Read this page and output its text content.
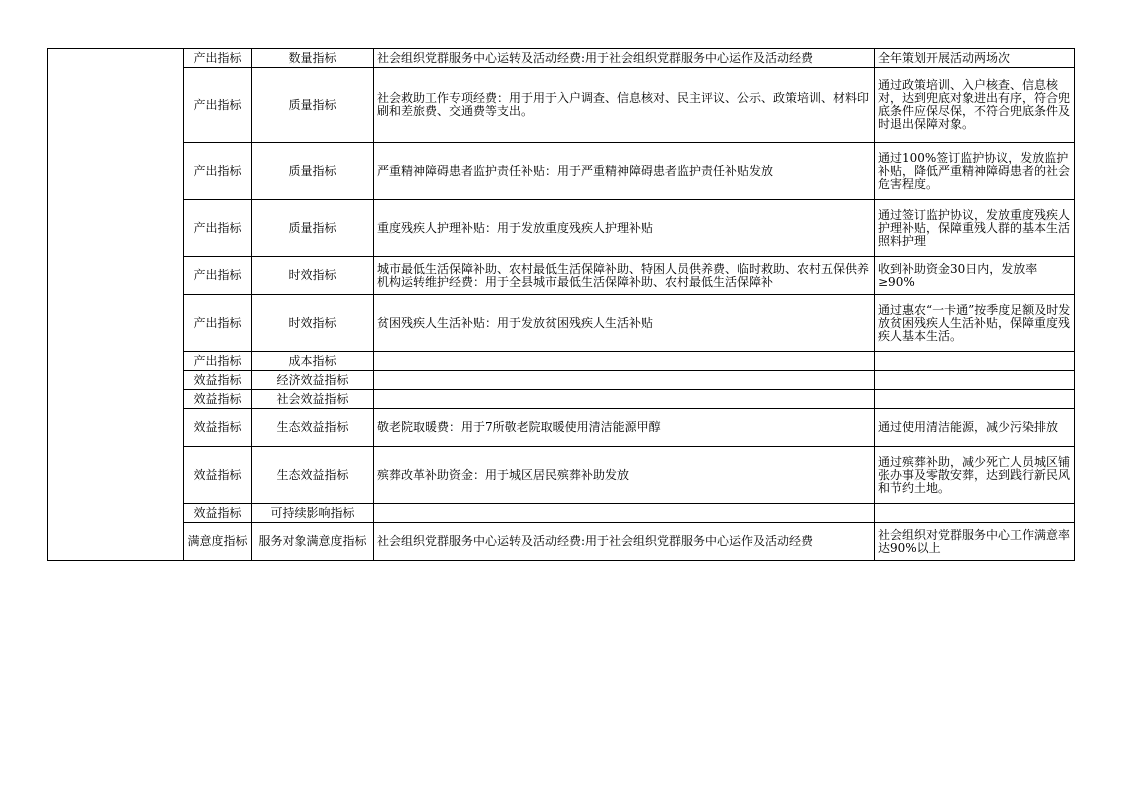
	产出指标	数量指标	社会组织党群服务中心运转及活动经费:用于社会组织党群服务中心运作及活动经费	全年策划开展活动两场次
	产出指标	质量指标	社会救助工作专项经费：用于用于入户调查、信息核对、民主评议、公示、政策培训、材料印刷和差旅费、交通费等支出。	通过政策培训、入户核查、信息核对，达到兜底对象进出有序，符合兜底条件应保尽保，不符合兜底条件及时退出保障对象。
	产出指标	质量指标	严重精神障碍患者监护责任补贴：用于严重精神障碍患者监护责任补贴发放	通过100%签订监护协议，发放监护补贴，降低严重精神障碍患者的社会危害程度。
	产出指标	质量指标	重度残疾人护理补贴：用于发放重度残疾人护理补贴	通过签订监护协议，发放重度残疾人护理补贴，保障重残人群的基本生活照料护理
	产出指标	时效指标	城市最低生活保障补助、农村最低生活保障补助、特困人员供养费、临时救助、农村五保供养机构运转维护经费：用于全县城市最低生活保障补助、农村最低生活保障补	收到补助资金30日内，发放率≥90%
	产出指标	时效指标	贫困残疾人生活补贴：用于发放贫困残疾人生活补贴	通过惠农“一卡通”按季度足额及时发放贫困残疾人生活补贴，保障重度残疾人基本生活。
	产出指标	成本指标		
	效益指标	经济效益指标		
	效益指标	社会效益指标		
	效益指标	生态效益指标	敬老院取暖费：用于7所敬老院取暖使用清洁能源甲醇	通过使用清洁能源，减少污染排放
	效益指标	生态效益指标	殡葬改革补助资金：用于城区居民殡葬补助发放	通过殡葬补助，减少死亡人员城区铺张办事及零散安葬，达到践行新民风和节约土地。
	效益指标	可持续影响指标		
	满意度指标	服务对象满意度指标	社会组织党群服务中心运转及活动经费:用于社会组织党群服务中心运作及活动经费	社会组织对党群服务中心工作满意率达90%以上
